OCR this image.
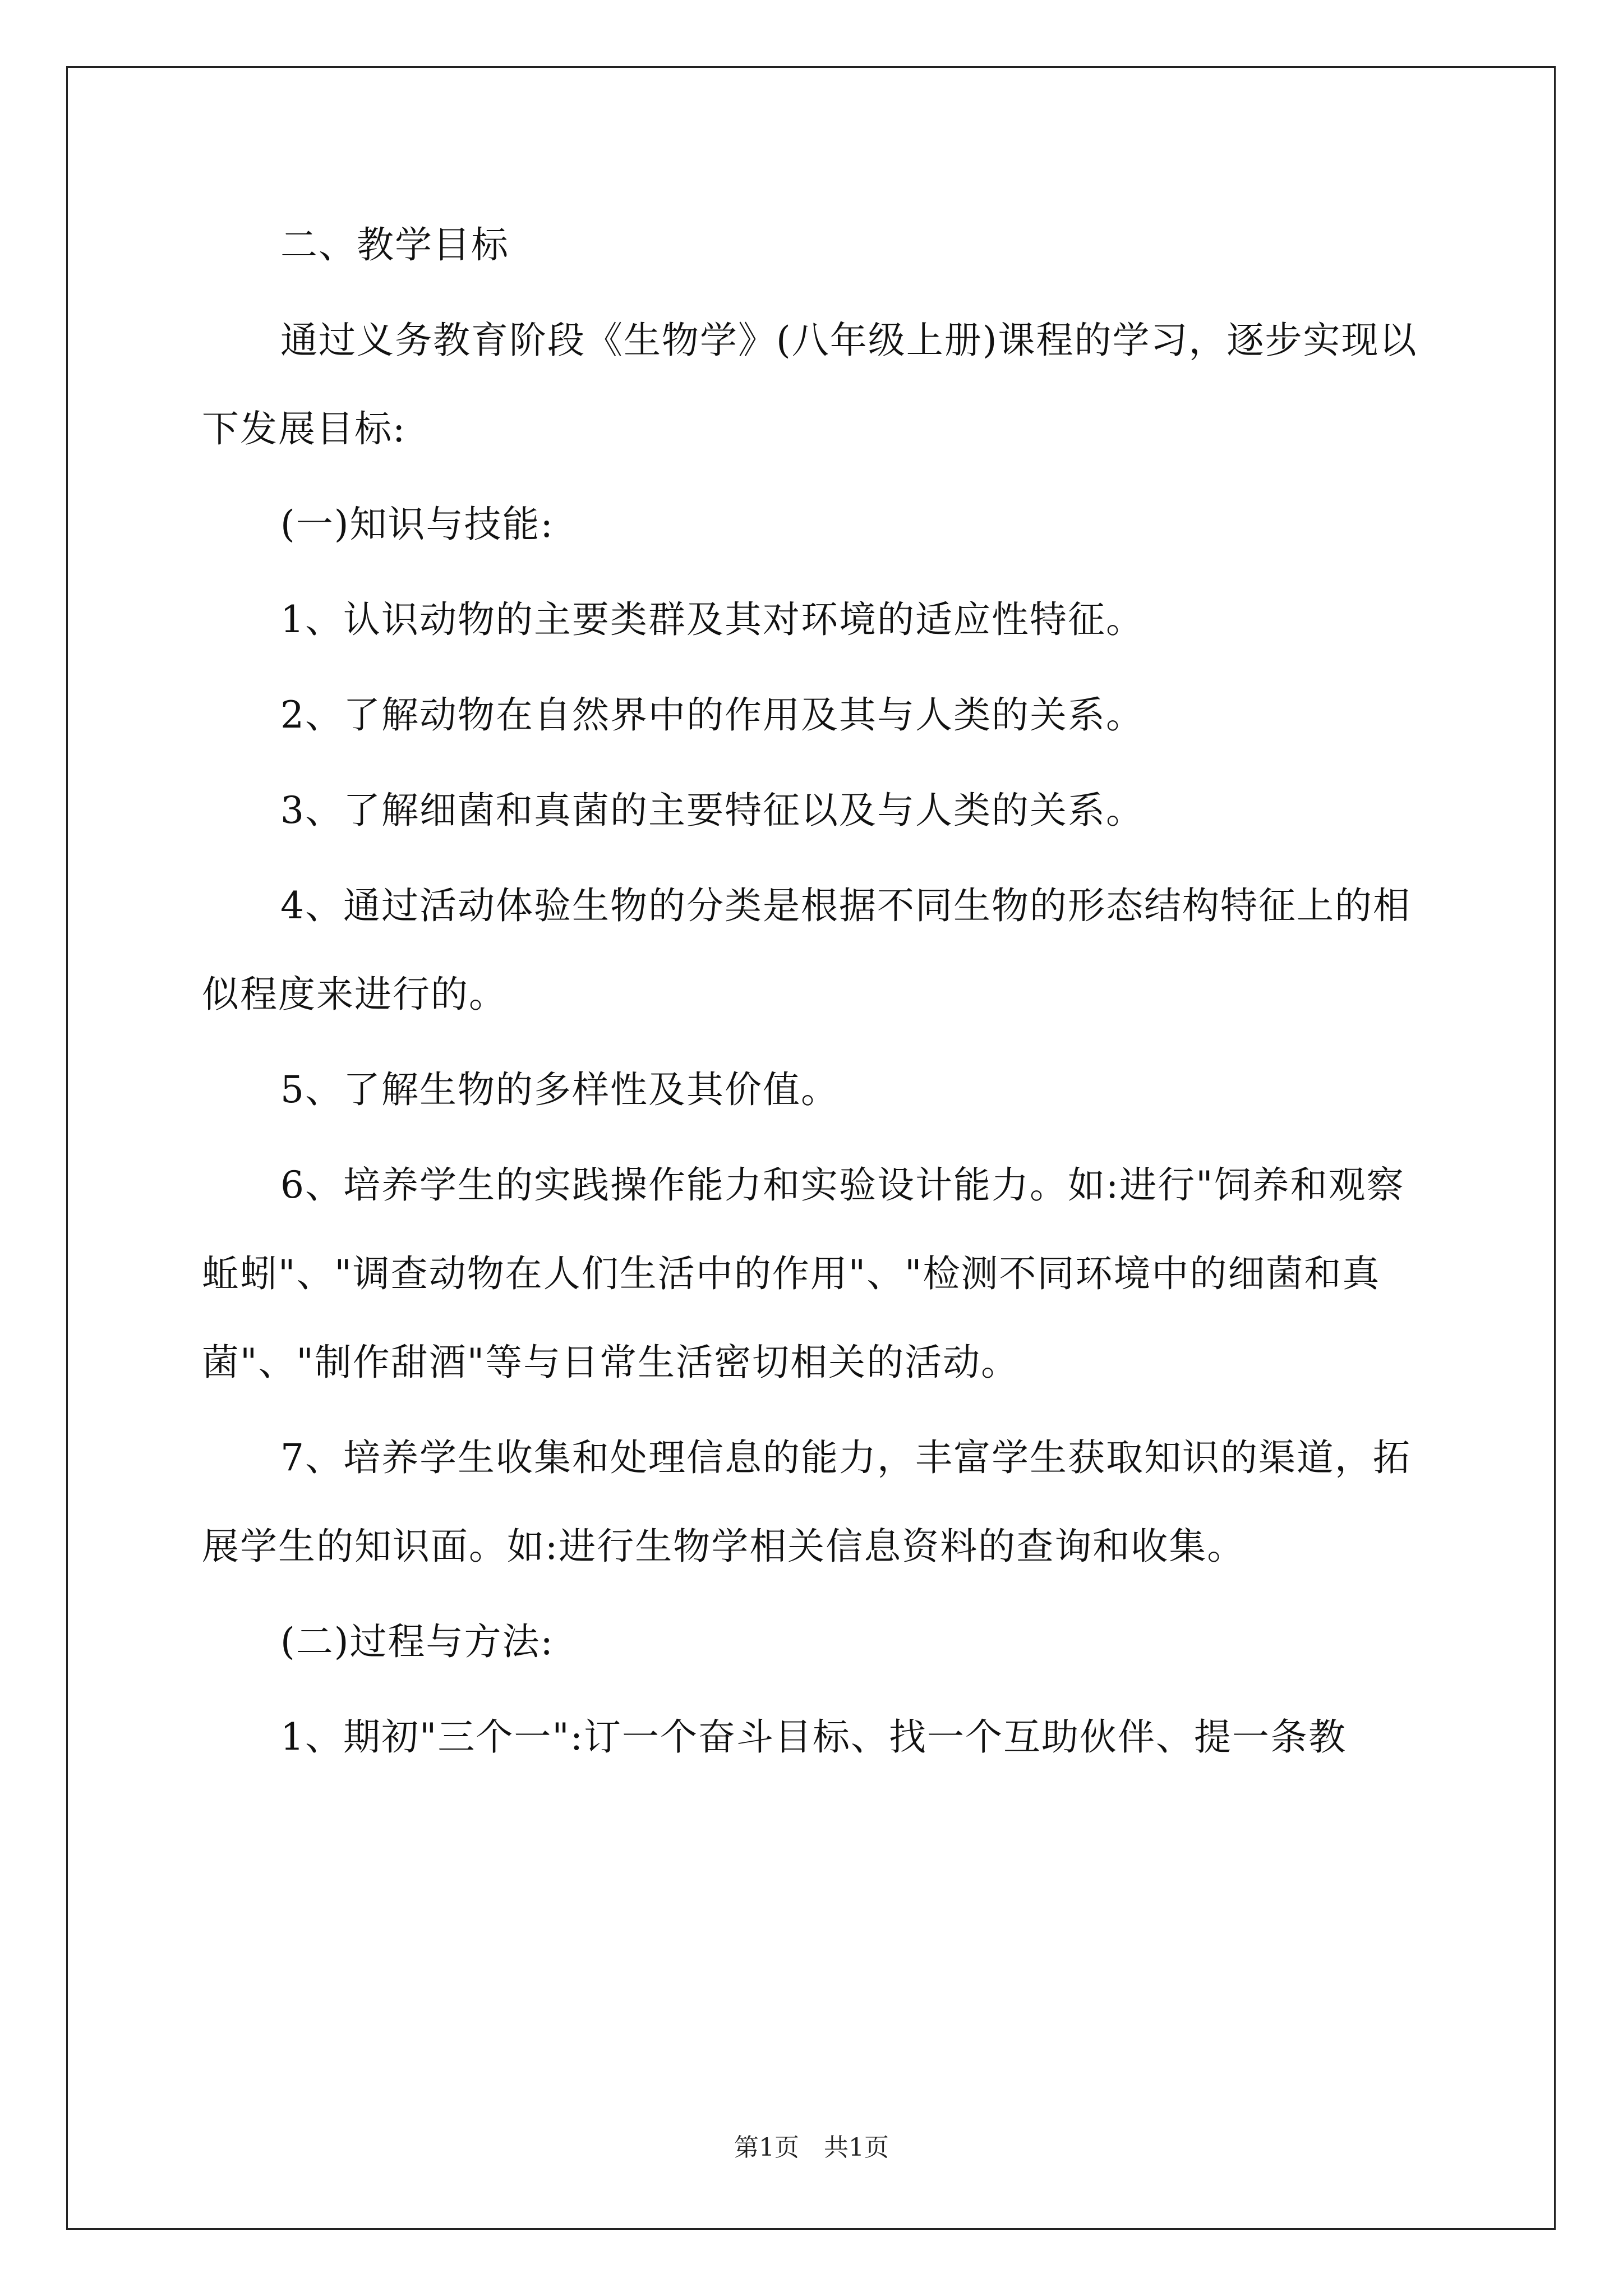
二、教学目标

通过义务教育阶段《生物学》(八年级上册)课程的学习，逐步实现以下发展目标:

(一)知识与技能:

1、认识动物的主要类群及其对环境的适应性特征。

2、了解动物在自然界中的作用及其与人类的关系。

3、了解细菌和真菌的主要特征以及与人类的关系。

4、通过活动体验生物的分类是根据不同生物的形态结构特征上的相似程度来进行的。

5、了解生物的多样性及其价值。

6、培养学生的实践操作能力和实验设计能力。如:进行"饲养和观察蚯蚓"、"调查动物在人们生活中的作用"、"检测不同环境中的细菌和真菌"、"制作甜酒"等与日常生活密切相关的活动。

7、培养学生收集和处理信息的能力，丰富学生获取知识的渠道，拓展学生的知识面。如:进行生物学相关信息资料的查询和收集。

(二)过程与方法:

1、期初"三个一":订一个奋斗目标、找一个互助伙伴、提一条教

第1页　共1页
